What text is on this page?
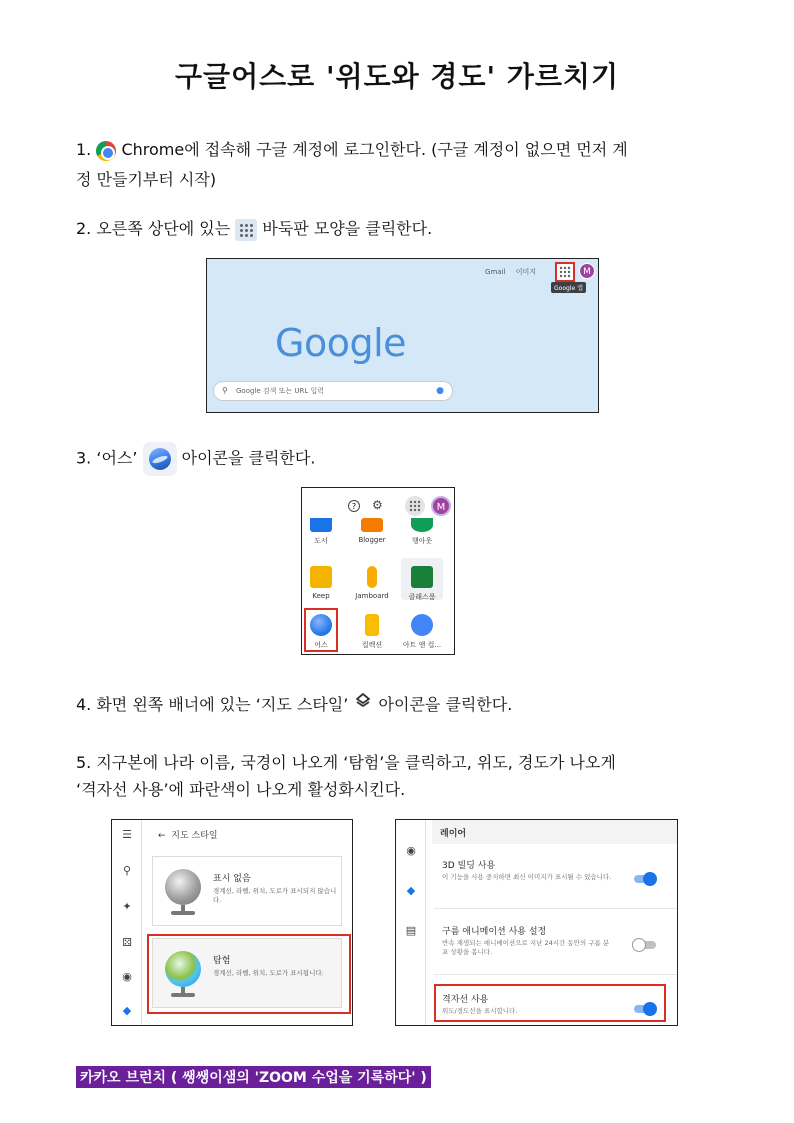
구글어스로 '위도와 경도' 가르치기
1. Chrome에 접속해 구글 계정에 로그인한다. (구글 계정이 없으면 먼저 계
정 만들기부터 시작)
2. 오른쪽 상단에 있는 바둑판 모양을 클릭한다.
Gmail 이미지	M
Google 앱
Google
⚲ Google 검색 또는 URL 입력	●
3. ‘어스’	아이콘을 클릭한다.
?	⚙	M
도서	Blogger	행아웃
Keep	Jamboard	클래스룸
어스	컬렉션	아트 앤 컬...
4. 화면 왼쪽 배너에 있는 ‘지도 스타일’ 아이콘을 클릭한다.
5. 지구본에 나라 이름, 국경이 나오게 ‘탐험’을 클릭하고, 위도, 경도가 나오게
‘격자선 사용’에 파란색이 나오게 활성화시킨다.
☰
⚲
✦
⚄
◉
◆
← 지도 스타일
표시 없음
경계선, 라벨, 위치, 도로가 표시되지 않습니다.
탐험
경계선, 라벨, 위치, 도로가 표시됩니다.
◉
◆
▤
레이어
3D 빌딩 사용
이 기능을 사용 중지하면 최신 이미지가 표시될 수 있습니다.
구름 애니메이션 사용 설정
반속 재생되는 애니메이션으로 지난 24시간 동안의 구름 분포 상황을 봅니다.
격자선 사용
위도/경도선을 표시합니다.
카카오 브런치 ( 쌩쌩이샘의 'ZOOM 수업을 기록하다' )
